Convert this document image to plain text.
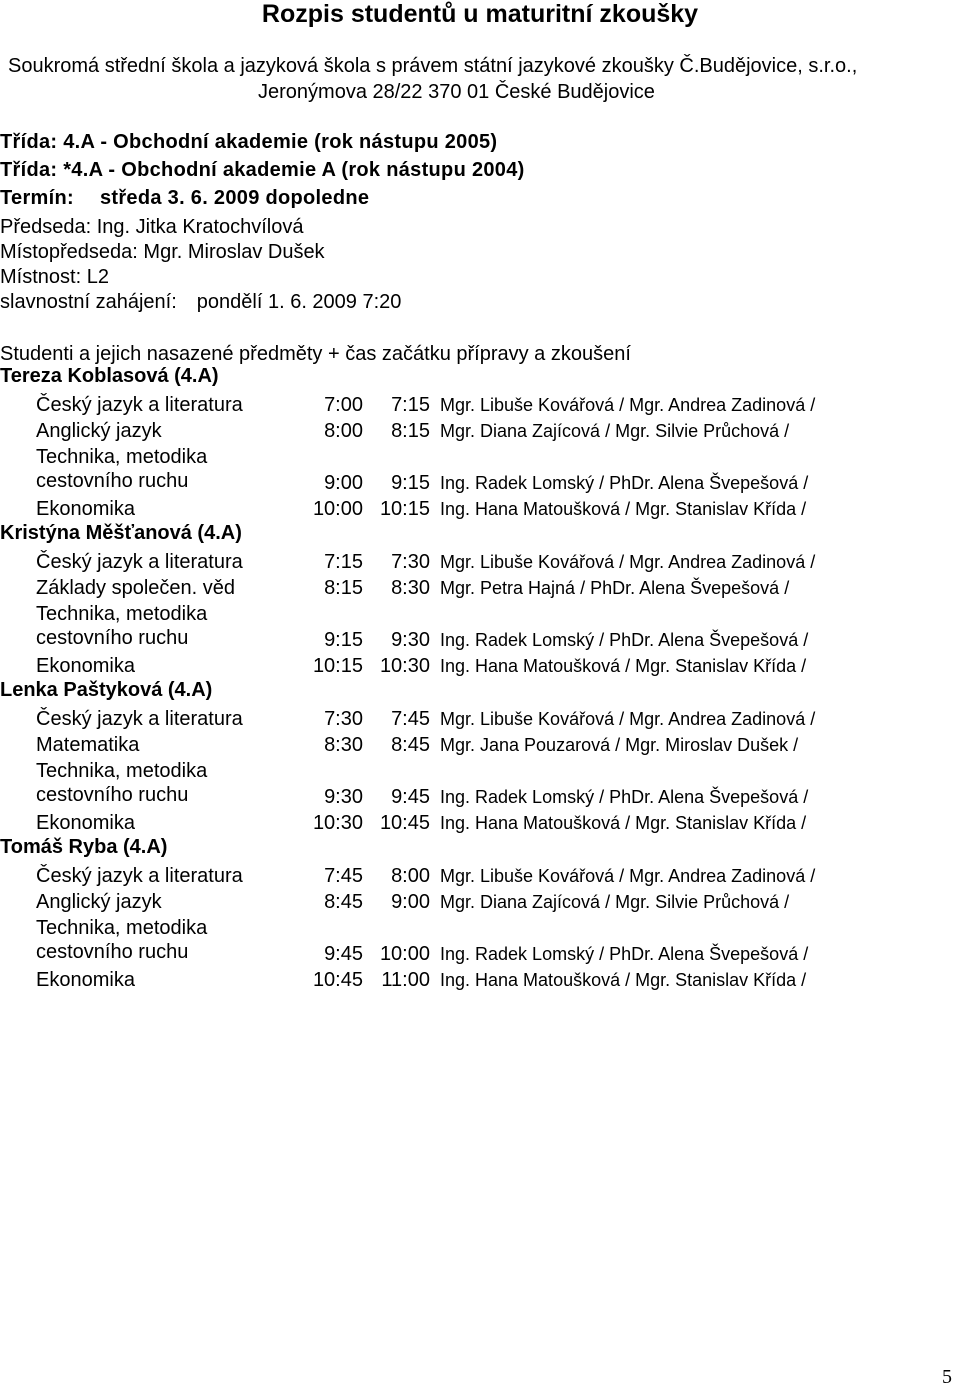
Rozpis studentů u maturitní zkoušky
Soukromá střední škola a jazyková škola s právem státní jazykové zkoušky Č.Budějovice, s.r.o.,
Jeronýmova 28/22 370 01 České Budějovice
Třída: 4.A - Obchodní akademie (rok nástupu 2005)
Třída: *4.A - Obchodní akademie A (rok nástupu 2004)
Termín: středa 3. 6. 2009 dopoledne
Předseda: Ing. Jitka Kratochvílová
Místopředseda: Mgr. Miroslav Dušek
Místnost: L2
slavnostní zahájení: pondělí 1. 6. 2009 7:20
Studenti a jejich nasazené předměty + čas začátku přípravy a zkoušení
Tereza Koblasová (4.A)
Český jazyk a literatura	7:00	7:15 Mgr. Libuše Kovářová / Mgr. Andrea Zadinová /
Anglický jazyk	8:00	8:15 Mgr. Diana Zajícová / Mgr. Silvie Průchová /
Technika, metodika cestovního ruchu	9:00	9:15 Ing. Radek Lomský / PhDr. Alena Švepešová /
Ekonomika	10:00 10:15 Ing. Hana Matoušková / Mgr. Stanislav Křída /
Kristýna Měšťanová (4.A)
Český jazyk a literatura	7:15	7:30 Mgr. Libuše Kovářová / Mgr. Andrea Zadinová /
Základy společen. věd	8:15	8:30 Mgr. Petra Hajná / PhDr. Alena Švepešová /
Technika, metodika cestovního ruchu	9:15	9:30 Ing. Radek Lomský / PhDr. Alena Švepešová /
Ekonomika	10:15 10:30 Ing. Hana Matoušková / Mgr. Stanislav Křída /
Lenka Paštyková (4.A)
Český jazyk a literatura	7:30	7:45 Mgr. Libuše Kovářová / Mgr. Andrea Zadinová /
Matematika	8:30	8:45 Mgr. Jana Pouzarová / Mgr. Miroslav Dušek /
Technika, metodika cestovního ruchu	9:30	9:45 Ing. Radek Lomský / PhDr. Alena Švepešová /
Ekonomika	10:30 10:45 Ing. Hana Matoušková / Mgr. Stanislav Křída /
Tomáš Ryba (4.A)
Český jazyk a literatura	7:45	8:00 Mgr. Libuše Kovářová / Mgr. Andrea Zadinová /
Anglický jazyk	8:45	9:00 Mgr. Diana Zajícová / Mgr. Silvie Průchová /
Technika, metodika cestovního ruchu	9:45 10:00 Ing. Radek Lomský / PhDr. Alena Švepešová /
Ekonomika	10:45 11:00 Ing. Hana Matoušková / Mgr. Stanislav Křída /
5
